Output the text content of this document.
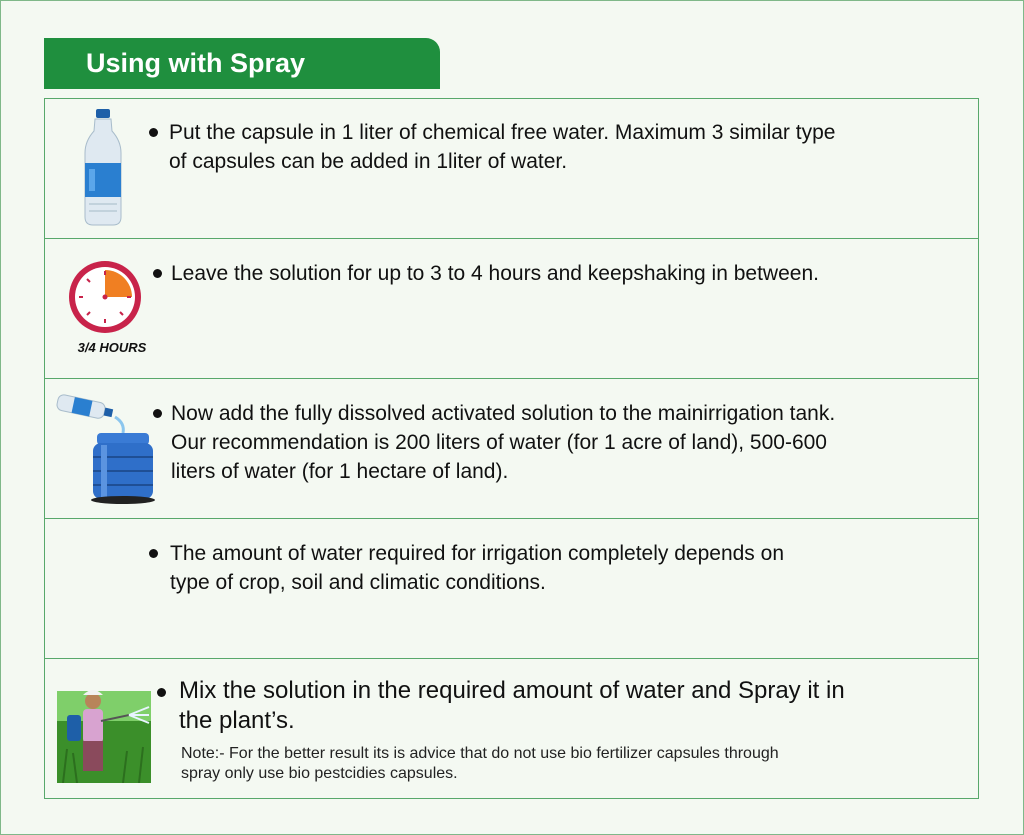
Using with Spray
Put the capsule in 1 liter of chemical free water. Maximum 3 similar type
of capsules can be added in 1liter of water.
3/4 HOURS
Leave the solution for up to 3 to 4 hours and keepshaking in between.
Now add the fully dissolved activated solution to the mainirrigation tank.
Our recommendation is 200 liters of water (for 1 acre of land), 500-600
liters of water (for 1 hectare of land).
The amount of water required for irrigation completely depends on
type of crop, soil and climatic conditions.
Mix the solution in the required amount of water and Spray it in
the plant’s.
Note:- For the better result its is advice that do not use bio fertilizer capsules through
spray only use bio pestcidies capsules.
